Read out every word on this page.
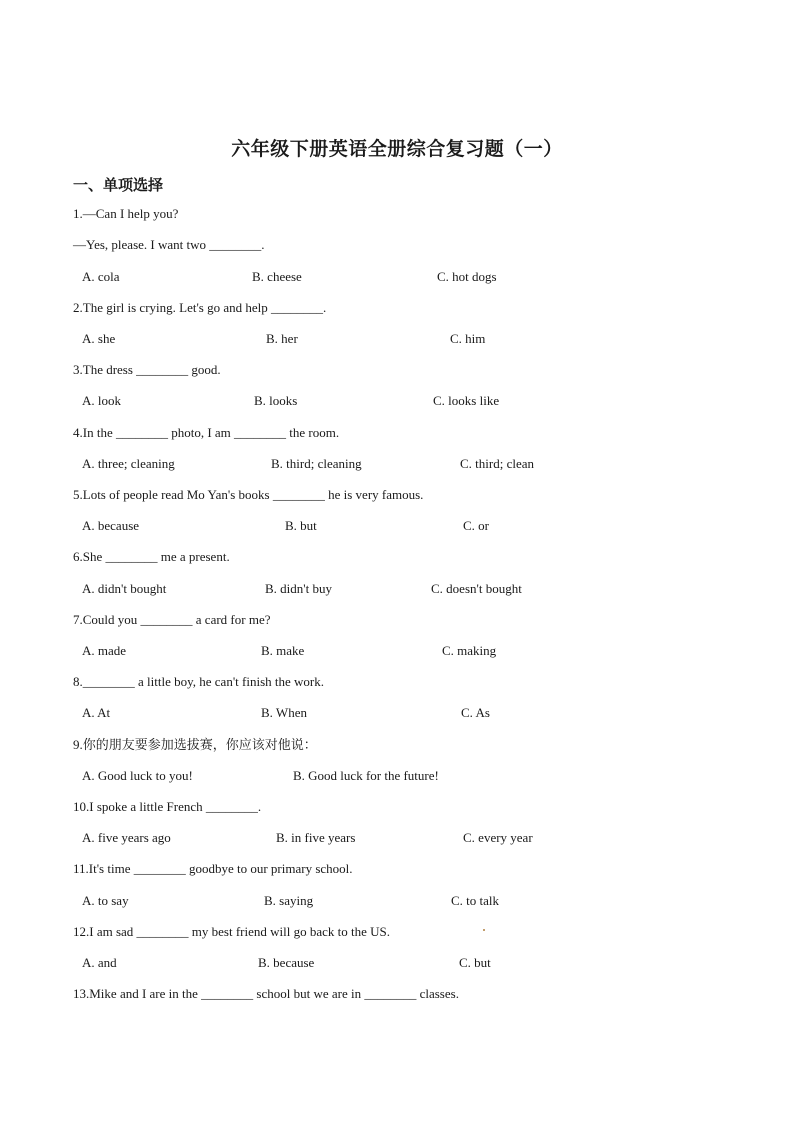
六年级下册英语全册综合复习题（一）
一、单项选择
1.—Can I help you?
—Yes, please. I want two ________.
A. cola	B. cheese	C. hot dogs
2.The girl is crying. Let's go and help ________.
A. she	B. her	C. him
3.The dress ________ good.
A. look	B. looks	C. looks like
4.In the ________ photo, I am ________ the room.
A. three; cleaning	B. third; cleaning	C. third; clean
5.Lots of people read Mo Yan's books ________ he is very famous.
A. because	B. but	C. or
6.She ________ me a present.
A. didn't bought	B. didn't buy	C. doesn't bought
7.Could you ________ a card for me?
A. made	B. make	C. making
8.________ a little boy, he can't finish the work.
A. At	B. When	C. As
9.你的朋友要参加选拔赛，你应该对他说：
A. Good luck to you!	B. Good luck for the future!
10.I spoke a little French ________.
A. five years ago	B. in five years	C. every year
11.It's time ________ goodbye to our primary school.
A. to say	B. saying	C. to talk
12.I am sad ________ my best friend will go back to the US.
A. and	B. because	C. but
13.Mike and I are in the ________ school but we are in ________ classes.
